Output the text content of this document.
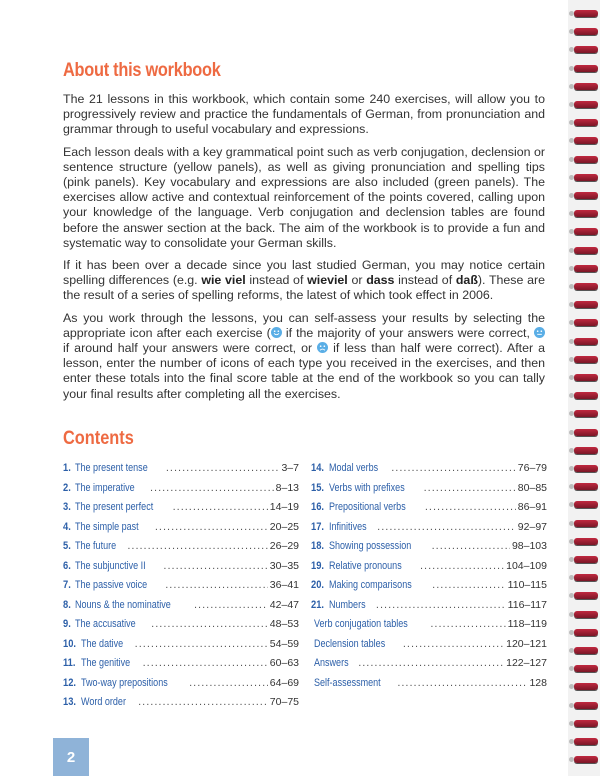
About this workbook

The 21 lessons in this workbook, which contain some 240 exercises, will allow you to progressively review and practice the fundamentals of German, from pronunciation and grammar through to useful vocabulary and expressions.

Each lesson deals with a key grammatical point such as verb conjugation, declension or sentence structure (yellow panels), as well as giving pronunciation and spelling tips (pink panels). Key vocabulary and expressions are also included (green panels). The exercises allow active and contextual reinforcement of the points covered, calling upon your knowledge of the language. Verb conjugation and declension tables are found before the answer section at the back. The aim of the workbook is to provide a fun and systematic way to consolidate your German skills.

If it has been over a decade since you last studied German, you may notice certain spelling differences (e.g. wie viel instead of wieviel or dass instead of daß). These are the result of a series of spelling reforms, the latest of which took effect in 2006.

As you work through the lessons, you can self-assess your results by selecting the appropriate icon after each exercise ( if the majority of your answers were correct,  if around half your answers were correct, or  if less than half were correct). After a lesson, enter the number of icons of each type you received in the exercises, and then enter these totals into the final score table at the end of the workbook so you can tally your final results after completing all the exercises.

Contents
1. The present tense .....	3–7
2. The imperative .....	8–13
3. The present perfect .....	14–19
4. The simple past .....	20–25
5. The future .....	26–29
6. The subjunctive II .....	30–35
7. The passive voice .....	36–41
8. Nouns & the nominative .....	42–47
9. The accusative .....	48–53
10. The dative .....	54–59
11. The genitive .....	60–63
12. Two-way prepositions .....	64–69
13. Word order .....	70–75
14. Modal verbs .....	76–79
15. Verbs with prefixes .....	80–85
16. Prepositional verbs .....	86–91
17. Infinitives .....	92–97
18. Showing possession .....	98–103
19. Relative pronouns .....	104–109
20. Making comparisons .....	110–115
21. Numbers .....	116–117
Verb conjugation tables .....	118–119
Declension tables .....	120–121
Answers .....	122–127
Self-assessment .....	128
2
